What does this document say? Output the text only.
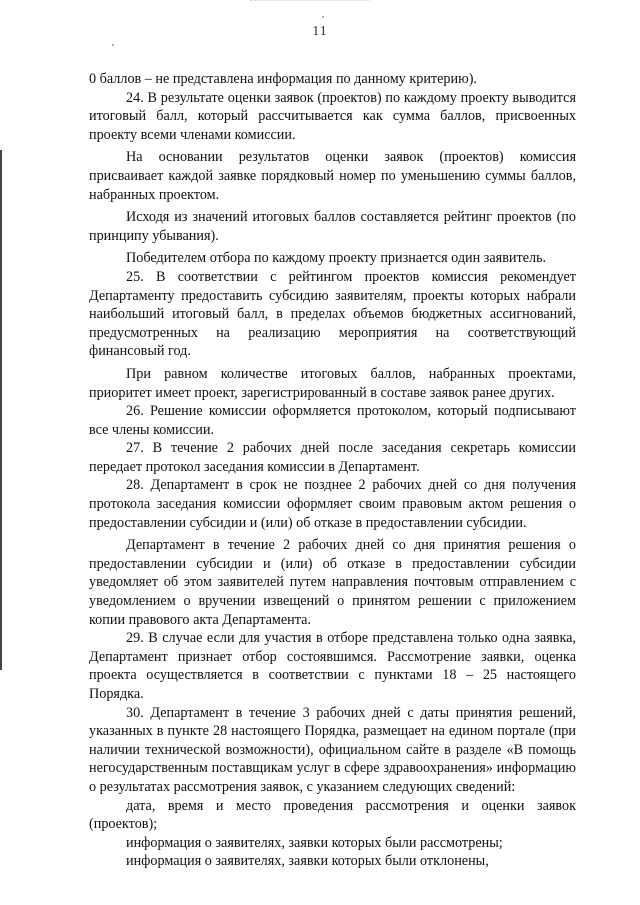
11

0 баллов – не представлена информация по данному критерию).

24. В результате оценки заявок (проектов) по каждому проекту выводится итоговый балл, который рассчитывается как сумма баллов, присвоенных проекту всеми членами комиссии.

На основании результатов оценки заявок (проектов) комиссия присваивает каждой заявке порядковый номер по уменьшению суммы баллов, набранных проектом.

Исходя из значений итоговых баллов составляется рейтинг проектов (по принципу убывания).

Победителем отбора по каждому проекту признается один заявитель.

25. В соответствии с рейтингом проектов комиссия рекомендует Департаменту предоставить субсидию заявителям, проекты которых набрали наибольший итоговый балл, в пределах объемов бюджетных ассигнований, предусмотренных на реализацию мероприятия на соответствующий финансовый год.

При равном количестве итоговых баллов, набранных проектами, приоритет имеет проект, зарегистрированный в составе заявок ранее других.

26. Решение комиссии оформляется протоколом, который подписывают все члены комиссии.

27. В течение 2 рабочих дней после заседания секретарь комиссии передает протокол заседания комиссии в Департамент.

28. Департамент в срок не позднее 2 рабочих дней со дня получения протокола заседания комиссии оформляет своим правовым актом решения о предоставлении субсидии и (или) об отказе в предоставлении субсидии.

Департамент в течение 2 рабочих дней со дня принятия решения о предоставлении субсидии и (или) об отказе в предоставлении субсидии уведомляет об этом заявителей путем направления почтовым отправлением с уведомлением о вручении извещений о принятом решении с приложением копии правового акта Департамента.

29. В случае если для участия в отборе представлена только одна заявка, Департамент признает отбор состоявшимся. Рассмотрение заявки, оценка проекта осуществляется в соответствии с пунктами 18 – 25 настоящего Порядка.

30. Департамент в течение 3 рабочих дней с даты принятия решений, указанных в пункте 28 настоящего Порядка, размещает на едином портале (при наличии технической возможности), официальном сайте в разделе «В помощь негосударственным поставщикам услуг в сфере здравоохранения» информацию о результатах рассмотрения заявок, с указанием следующих сведений:

дата, время и место проведения рассмотрения и оценки заявок (проектов);

информация о заявителях, заявки которых были рассмотрены;

информация о заявителях, заявки которых были отклонены,
